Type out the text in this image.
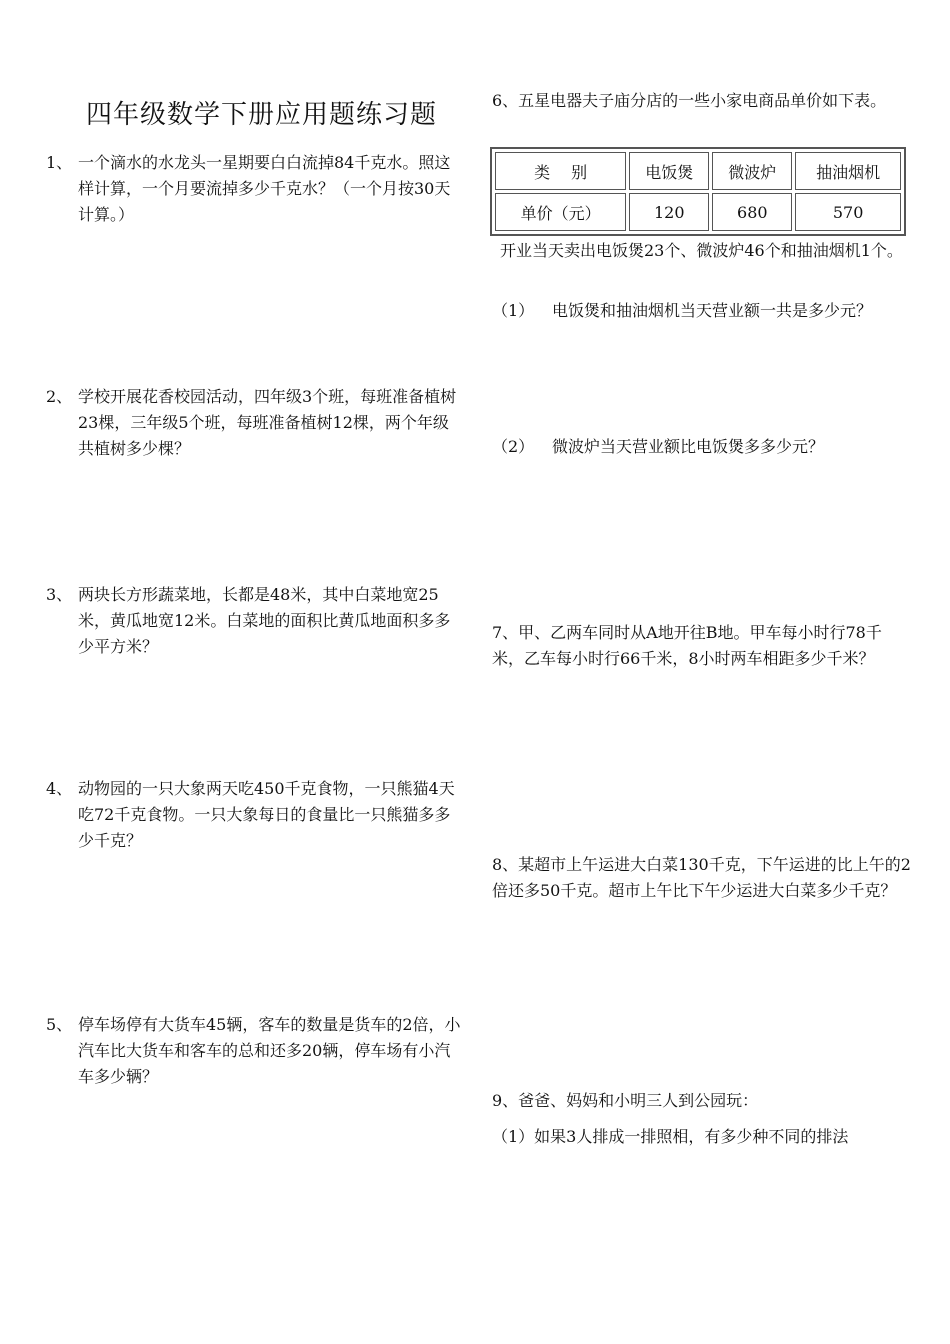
四年级数学下册应用题练习题
1、 一个滴水的水龙头一星期要白白流掉84千克水。照这样计算，一个月要流掉多少千克水？（一个月按30天计算。）
2、 学校开展花香校园活动，四年级3个班，每班准备植树23棵，三年级5个班，每班准备植树12棵，两个年级共植树多少棵？
3、 两块长方形蔬菜地，长都是48米，其中白菜地宽25米，黄瓜地宽12米。白菜地的面积比黄瓜地面积多多少平方米？
4、 动物园的一只大象两天吃450千克食物，一只熊猫4天吃72千克食物。一只大象每日的食量比一只熊猫多多少千克？
5、 停车场停有大货车45辆，客车的数量是货车的2倍，小汽车比大货车和客车的总和还多20辆，停车场有小汽车多少辆？
6、五星电器夫子庙分店的一些小家电商品单价如下表。
类　 别	电饭煲	微波炉	抽油烟机
单价（元）	120	680	570
开业当天卖出电饭煲23个、微波炉46个和抽油烟机1个。
（1） 电饭煲和抽油烟机当天营业额一共是多少元？
（2） 微波炉当天营业额比电饭煲多多少元？
7、甲、乙两车同时从A地开往B地。甲车每小时行78千米，乙车每小时行66千米，8小时两车相距多少千米？
8、某超市上午运进大白菜130千克，下午运进的比上午的2倍还多50千克。超市上午比下午少运进大白菜多少千克？
9、爸爸、妈妈和小明三人到公园玩：
（1）如果3人排成一排照相，有多少种不同的排法
